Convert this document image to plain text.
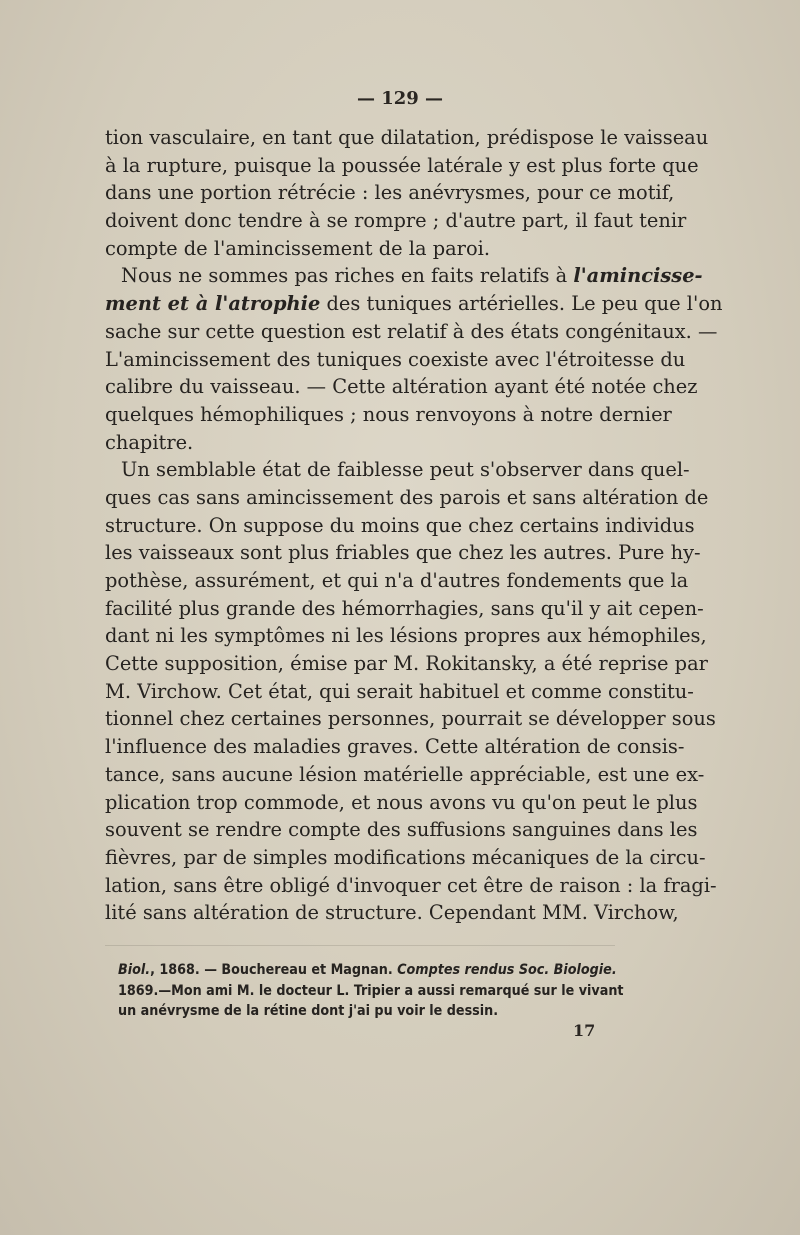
— 129 —
tion vasculaire, en tant que dilatation, prédispose le vaisseau
à la rupture, puisque la poussée latérale y est plus forte que
dans une portion rétrécie : les anévrysmes, pour ce motif,
doivent donc tendre à se rompre ; d'autre part, il faut tenir
compte de l'amincissement de la paroi.
Nous ne sommes pas riches en faits relatifs à l'amincisse-
ment et à l'atrophie des tuniques artérielles. Le peu que l'on
sache sur cette question est relatif à des états congénitaux. —
L'amincissement des tuniques coexiste avec l'étroitesse du
calibre du vaisseau. — Cette altération ayant été notée chez
quelques hémophiliques ; nous renvoyons à notre dernier
chapitre.
Un semblable état de faiblesse peut s'observer dans quel-
ques cas sans amincissement des parois et sans altération de
structure. On suppose du moins que chez certains individus
les vaisseaux sont plus friables que chez les autres. Pure hy-
pothèse, assurément, et qui n'a d'autres fondements que la
facilité plus grande des hémorrhagies, sans qu'il y ait cepen-
dant ni les symptômes ni les lésions propres aux hémophiles,
Cette supposition, émise par M. Rokitansky, a été reprise par
M. Virchow. Cet état, qui serait habituel et comme constitu-
tionnel chez certaines personnes, pourrait se développer sous
l'influence des maladies graves. Cette altération de consis-
tance, sans aucune lésion matérielle appréciable, est une ex-
plication trop commode, et nous avons vu qu'on peut le plus
souvent se rendre compte des suffusions sanguines dans les
fièvres, par de simples modifications mécaniques de la circu-
lation, sans être obligé d'invoquer cet être de raison : la fragi-
lité sans altération de structure. Cependant MM. Virchow,
Biol., 1868. — Bouchereau et Magnan. Comptes rendus Soc. Biologie.
1869.—Mon ami M. le docteur L. Tripier a aussi remarqué sur le vivant
un anévrysme de la rétine dont j'ai pu voir le dessin.
17
